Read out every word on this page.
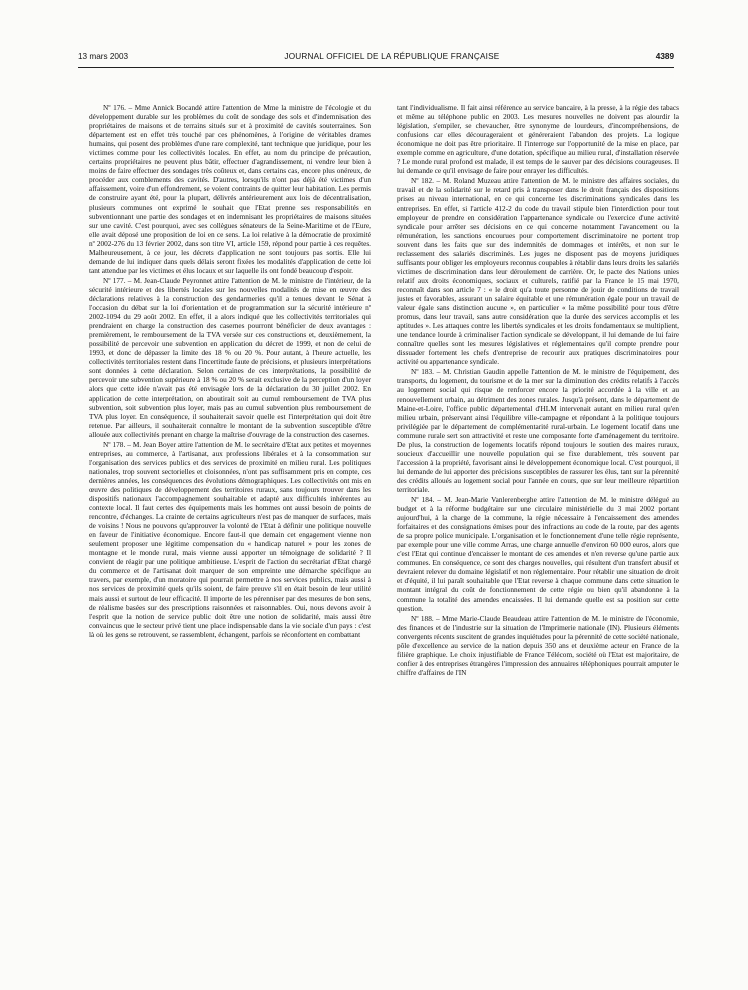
13 mars 2003	JOURNAL OFFICIEL DE LA RÉPUBLIQUE FRANÇAISE	4389

Nº 176. – Mme Annick Bocandé attire l'attention de Mme la ministre de l'écologie et du développement durable sur les problèmes du coût de sondage des sols et d'indemnisation des propriétaires de maisons et de terrains situés sur et à proximité de cavités souterraines. Son département est en effet très touché par ces phénomènes, à l'origine de véritables drames humains, qui posent des problèmes d'une rare complexité, tant technique que juridique, pour les victimes comme pour les collectivités locales. En effet, au nom du principe de précaution, certains propriétaires ne peuvent plus bâtir, effectuer d'agrandissement, ni vendre leur bien à moins de faire effectuer des sondages très coûteux et, dans certains cas, encore plus onéreux, de procéder aux comblements des cavités. D'autres, lorsqu'ils n'ont pas déjà été victimes d'un affaissement, voire d'un effondrement, se voient contraints de quitter leur habitation. Les permis de construire ayant été, pour la plupart, délivrés antérieurement aux lois de décentralisation, plusieurs communes ont exprimé le souhait que l'Etat prenne ses responsabilités en subventionnant une partie des sondages et en indemnisant les propriétaires de maisons situées sur une cavité. C'est pourquoi, avec ses collègues sénateurs de la Seine-Maritime et de l'Eure, elle avait déposé une proposition de loi en ce sens. La loi relative à la démocratie de proximité nº 2002-276 du 13 février 2002, dans son titre VI, article 159, répond pour partie à ces requêtes. Malheureusement, à ce jour, les décrets d'application ne sont toujours pas sortis. Elle lui demande de lui indiquer dans quels délais seront fixées les modalités d'application de cette loi tant attendue par les victimes et élus locaux et sur laquelle ils ont fondé beaucoup d'espoir.

Nº 177. – M. Jean-Claude Peyronnet attire l'attention de M. le ministre de l'intérieur, de la sécurité intérieure et des libertés locales sur les nouvelles modalités de mise en œuvre des déclarations relatives à la construction des gendarmeries qu'il a tenues devant le Sénat à l'occasion du débat sur la loi d'orientation et de programmation sur la sécurité intérieure nº 2002-1094 du 29 août 2002. En effet, il a alors indiqué que les collectivités territoriales qui prendraient en charge la construction des casernes pourront bénéficier de deux avantages : premièrement, le remboursement de la TVA versée sur ces constructions et, deuxièmement, la possibilité de percevoir une subvention en application du décret de 1999, et non de celui de 1993, et donc de dépasser la limite des 18 % ou 20 %. Pour autant, à l'heure actuelle, les collectivités territoriales restent dans l'incertitude faute de précisions, et plusieurs interprétations sont données à cette déclaration. Selon certaines de ces interprétations, la possibilité de percevoir une subvention supérieure à 18 % ou 20 % serait exclusive de la perception d'un loyer alors que cette idée n'avait pas été envisagée lors de la déclaration du 30 juillet 2002. En application de cette interprétation, on aboutirait soit au cumul remboursement de TVA plus subvention, soit subvention plus loyer, mais pas au cumul subvention plus remboursement de TVA plus loyer. En conséquence, il souhaiterait savoir quelle est l'interprétation qui doit être retenue. Par ailleurs, il souhaiterait connaître le montant de la subvention susceptible d'être allouée aux collectivités prenant en charge la maîtrise d'ouvrage de la construction des casernes.

Nº 178. – M. Jean Boyer attire l'attention de M. le secrétaire d'Etat aux petites et moyennes entreprises, au commerce, à l'artisanat, aux professions libérales et à la consommation sur l'organisation des services publics et des services de proximité en milieu rural. Les politiques nationales, trop souvent sectorielles et cloisonnées, n'ont pas suffisamment pris en compte, ces dernières années, les conséquences des évolutions démographiques. Les collectivités ont mis en œuvre des politiques de développement des territoires ruraux, sans toujours trouver dans les dispositifs nationaux l'accompagnement souhaitable et adapté aux difficultés inhérentes au contexte local. Il faut certes des équipements mais les hommes ont aussi besoin de points de rencontre, d'échanges. La crainte de certains agriculteurs n'est pas de manquer de surfaces, mais de voisins ! Nous ne pouvons qu'approuver la volonté de l'Etat à définir une politique nouvelle en faveur de l'initiative économique. Encore faut-il que demain cet engagement vienne non seulement proposer une légitime compensation du « handicap naturel » pour les zones de montagne et le monde rural, mais vienne aussi apporter un témoignage de solidarité ? Il convient de réagir par une politique ambitieuse. L'esprit de l'action du secrétariat d'Etat chargé du commerce et de l'artisanat doit marquer de son empreinte une démarche spécifique au travers, par exemple, d'un moratoire qui pourrait permettre à nos services publics, mais aussi à nos services de proximité quels qu'ils soient, de faire preuve s'il en était besoin de leur utilité mais aussi et surtout de leur efficacité. Il importe de les pérenniser par des mesures de bon sens, de réalisme basées sur des prescriptions raisonnées et raisonnables. Oui, nous devons avoir à l'esprit que la notion de service public doit être une notion de solidarité, mais aussi être convaincus que le secteur privé tient une place indispensable dans la vie sociale d'un pays : c'est là où les gens se retrouvent, se rassemblent, échangent, parfois se réconfortent en combattant

tant l'individualisme. Il fait ainsi référence au service bancaire, à la presse, à la régie des tabacs et même au téléphone public en 2003. Les mesures nouvelles ne doivent pas alourdir la législation, s'empiler, se chevaucher, être synonyme de lourdeurs, d'incompréhensions, de confusions car elles décourageraient et généreraient l'abandon des projets. La logique économique ne doit pas être prioritaire. Il l'interroge sur l'opportunité de la mise en place, par exemple comme en agriculture, d'une dotation, spécifique au milieu rural, d'installation réservée ? Le monde rural profond est malade, il est temps de le sauver par des décisions courageuses. Il lui demande ce qu'il envisage de faire pour enrayer les difficultés.

Nº 182. – M. Roland Muzeau attire l'attention de M. le ministre des affaires sociales, du travail et de la solidarité sur le retard pris à transposer dans le droit français des dispositions prises au niveau international, en ce qui concerne les discriminations syndicales dans les entreprises. En effet, si l'article 412-2 du code du travail stipule bien l'interdiction pour tout employeur de prendre en considération l'appartenance syndicale ou l'exercice d'une activité syndicale pour arrêter ses décisions en ce qui concerne notamment l'avancement ou la rémunération, les sanctions encourues pour comportement discriminatoire ne portent trop souvent dans les faits que sur des indemnités de dommages et intérêts, et non sur le reclassement des salariés discriminés. Les juges ne disposent pas de moyens juridiques suffisants pour obliger les employeurs reconnus coupables à rétablir dans leurs droits les salariés victimes de discrimination dans leur déroulement de carrière. Or, le pacte des Nations unies relatif aux droits économiques, sociaux et culturels, ratifié par la France le 15 mai 1970, reconnaît dans son article 7 : « le droit qu'a toute personne de jouir de conditions de travail justes et favorables, assurant un salaire équitable et une rémunération égale pour un travail de valeur égale sans distinction aucune », en particulier « la même possibilité pour tous d'être promus, dans leur travail, sans autre considération que la durée des services accomplis et les aptitudes ». Les attaques contre les libertés syndicales et les droits fondamentaux se multiplient, une tendance lourde à criminaliser l'action syndicale se développant, il lui demande de lui faire connaître quelles sont les mesures législatives et réglementaires qu'il compte prendre pour dissuader fortement les chefs d'entreprise de recourir aux pratiques discriminatoires pour activité ou appartenance syndicale.

Nº 183. – M. Christian Gaudin appelle l'attention de M. le ministre de l'équipement, des transports, du logement, du tourisme et de la mer sur la diminution des crédits relatifs à l'accès au logement social qui risque de renforcer encore la priorité accordée à la ville et au renouvellement urbain, au détriment des zones rurales. Jusqu'à présent, dans le département de Maine-et-Loire, l'office public départemental d'HLM intervenait autant en milieu rural qu'en milieu urbain, préservant ainsi l'équilibre ville-campagne et répondant à la politique toujours privilégiée par le département de complémentarité rural-urbain. Le logement locatif dans une commune rurale sert son attractivité et reste une composante forte d'aménagement du territoire. De plus, la construction de logements locatifs répond toujours le soutien des maires ruraux, soucieux d'accueillir une nouvelle population qui se fixe durablement, très souvent par l'accession à la propriété, favorisant ainsi le développement économique local. C'est pourquoi, il lui demande de lui apporter des précisions susceptibles de rassurer les élus, tant sur la pérennité des crédits alloués au logement social pour l'année en cours, que sur leur meilleure répartition territoriale.

Nº 184. – M. Jean-Marie Vanlerenberghe attire l'attention de M. le ministre délégué au budget et à la réforme budgétaire sur une circulaire ministérielle du 3 mai 2002 portant aujourd'hui, à la charge de la commune, la régie nécessaire à l'encaissement des amendes forfaitaires et des consignations émises pour des infractions au code de la route, par des agents de sa propre police municipale. L'organisation et le fonctionnement d'une telle régie représente, par exemple pour une ville comme Arras, une charge annuelle d'environ 60 000 euros, alors que c'est l'Etat qui continue d'encaisser le montant de ces amendes et n'en reverse qu'une partie aux communes. En conséquence, ce sont des charges nouvelles, qui résultent d'un transfert abusif et devraient relever du domaine législatif et non réglementaire. Pour rétablir une situation de droit et d'équité, il lui paraît souhaitable que l'Etat reverse à chaque commune dans cette situation le montant intégral du coût de fonctionnement de cette régie ou bien qu'il abandonne à la commune la totalité des amendes encaissées. Il lui demande quelle est sa position sur cette question.

Nº 188. – Mme Marie-Claude Beaudeau attire l'attention de M. le ministre de l'économie, des finances et de l'industrie sur la situation de l'Imprimerie nationale (IN). Plusieurs éléments convergents récents suscitent de grandes inquiétudes pour la pérennité de cette société nationale, pôle d'excellence au service de la nation depuis 350 ans et deuxième acteur en France de la filière graphique. Le choix injustifiable de France Télécom, société où l'Etat est majoritaire, de confier à des entreprises étrangères l'impression des annuaires téléphoniques pourrait amputer le chiffre d'affaires de l'IN
